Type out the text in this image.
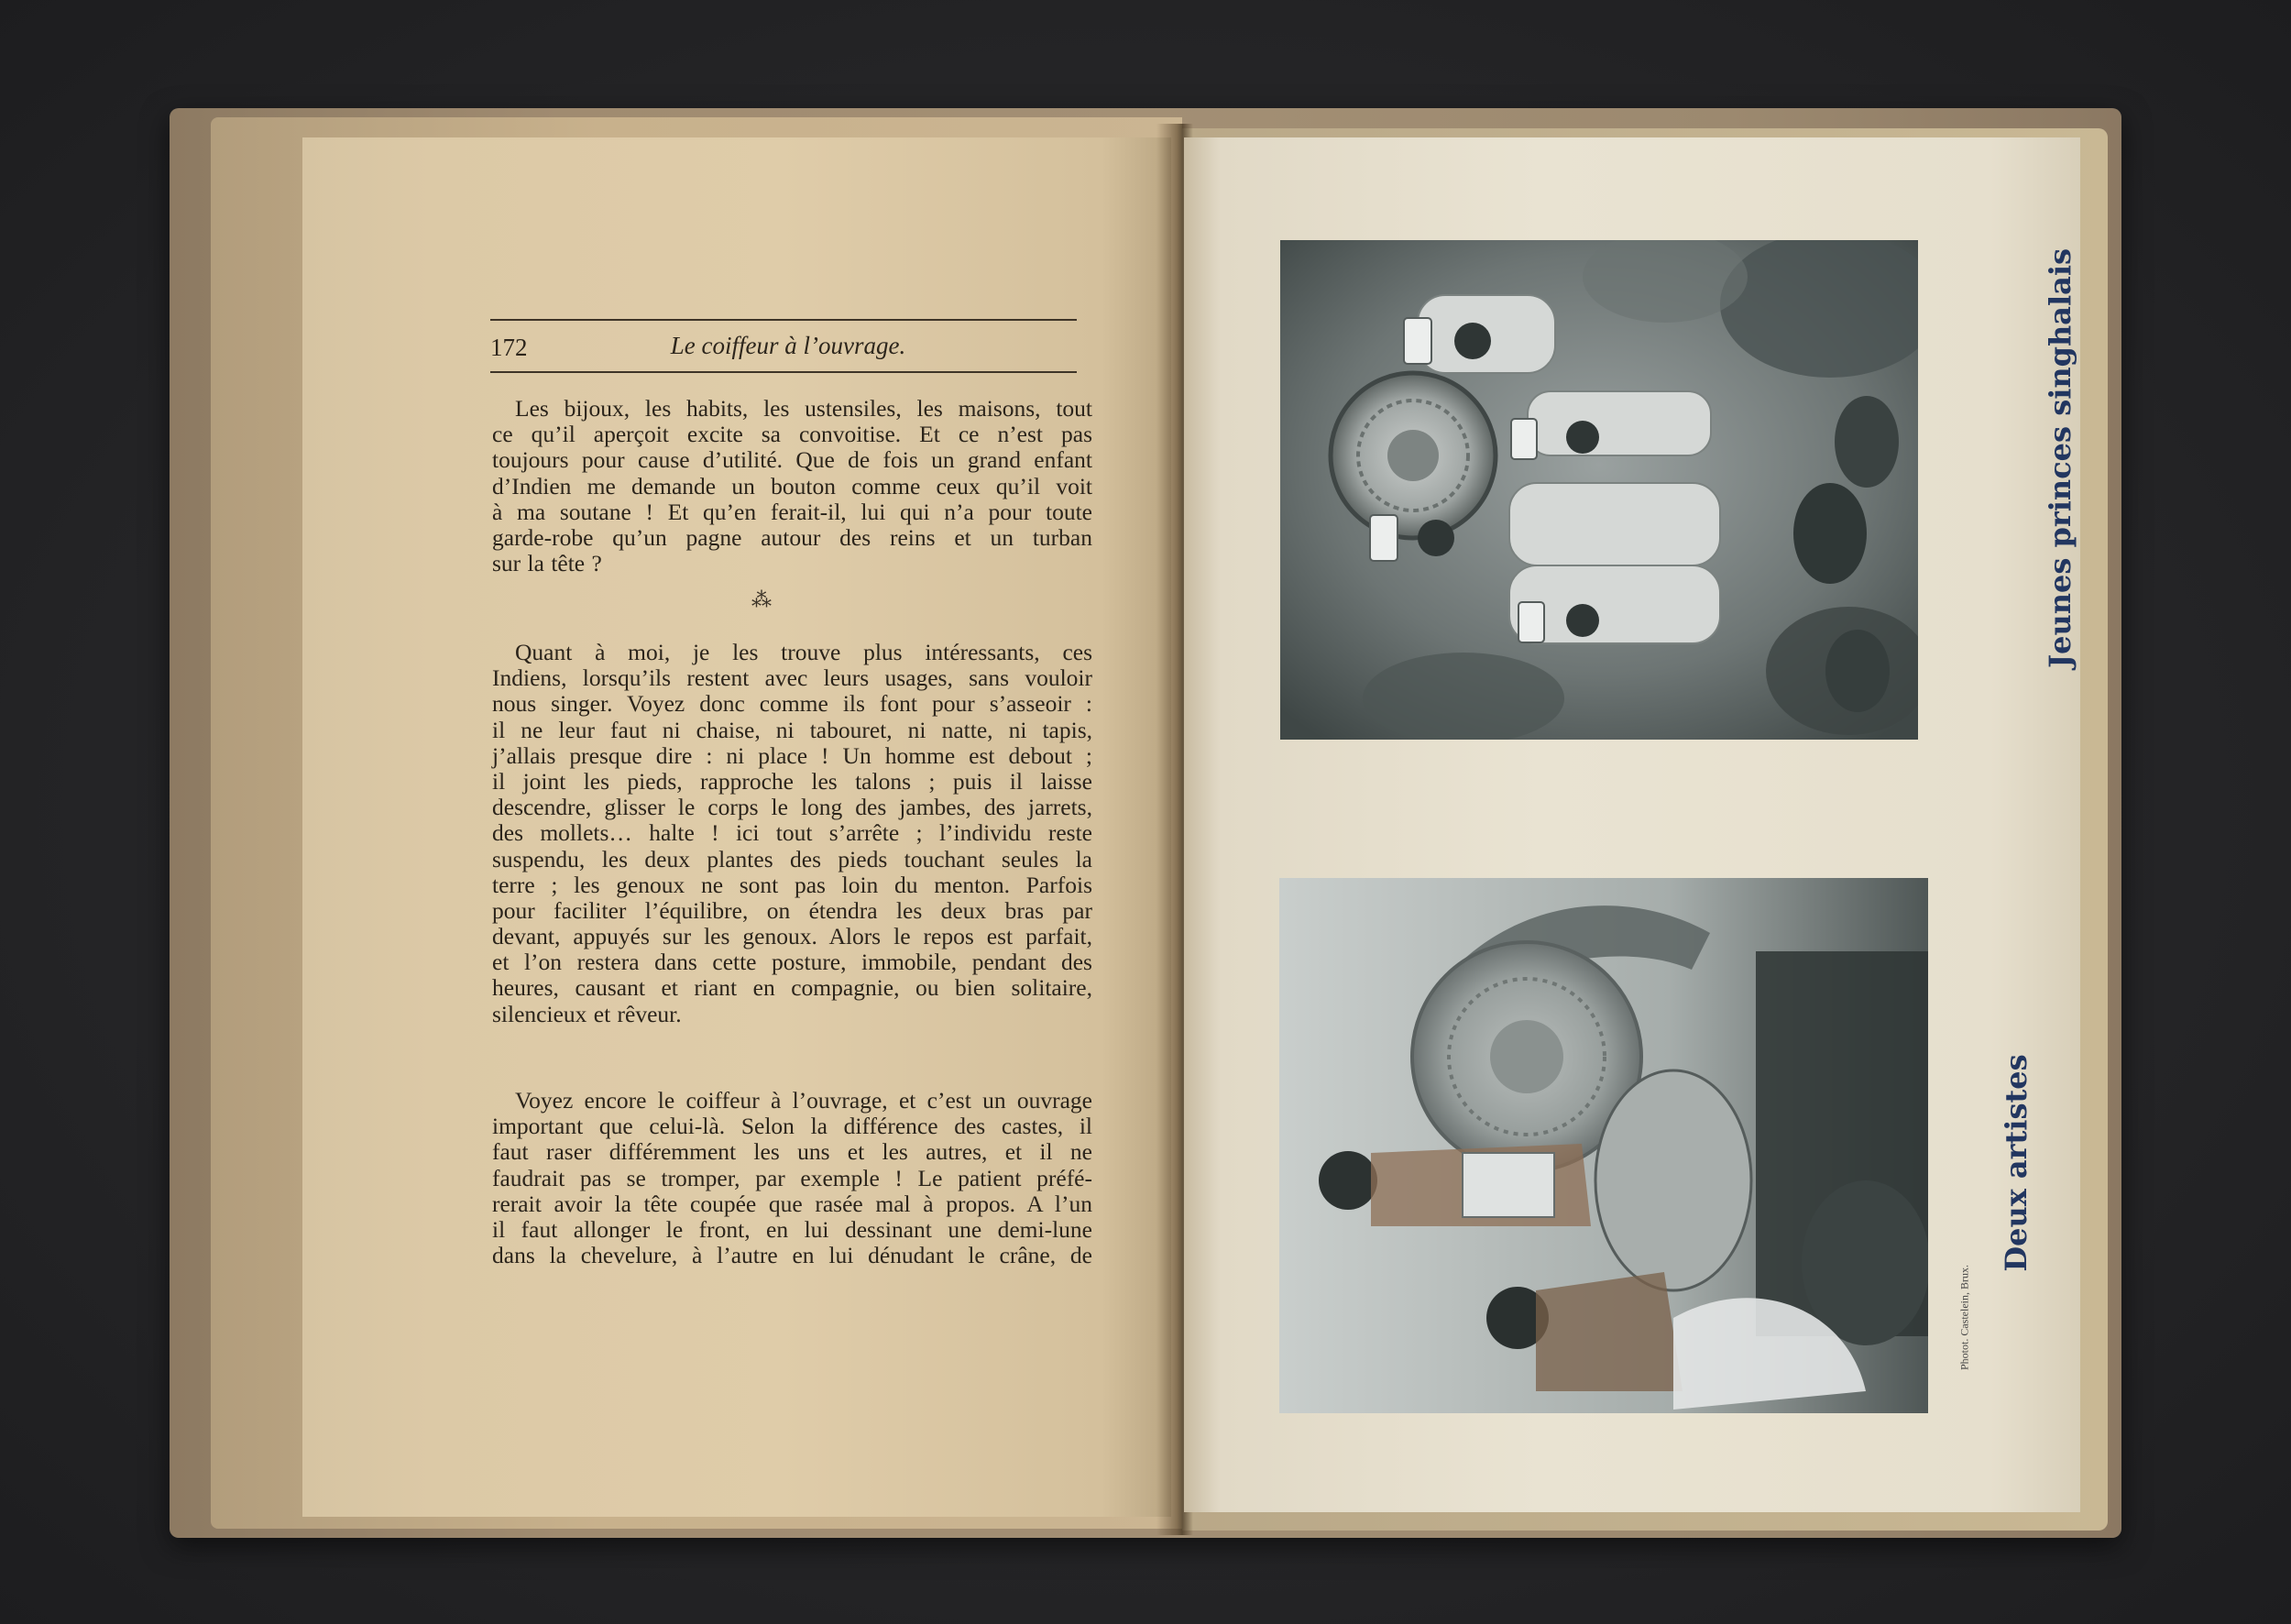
172	Le coiffeur à l’ouvrage.
Les bijoux, les habits, les ustensiles, les maisons, tout
ce qu’il aperçoit excite sa convoitise. Et ce n’est pas
toujours pour cause d’utilité. Que de fois un grand enfant
d’Indien me demande un bouton comme ceux qu’il voit
à ma soutane ! Et qu’en ferait-il, lui qui n’a pour toute
garde-robe qu’un pagne autour des reins et un turban
sur la tête ?
⁂
Quant à moi, je les trouve plus intéressants, ces
Indiens, lorsqu’ils restent avec leurs usages, sans vouloir
nous singer. Voyez donc comme ils font pour s’asseoir :
il ne leur faut ni chaise, ni tabouret, ni natte, ni tapis,
j’allais presque dire : ni place ! Un homme est debout ;
il joint les pieds, rapproche les talons ; puis il laisse
descendre, glisser le corps le long des jambes, des jarrets,
des mollets… halte ! ici tout s’arrête ; l’individu reste
suspendu, les deux plantes des pieds touchant seules la
terre ; les genoux ne sont pas loin du menton. Parfois
pour faciliter l’équilibre, on étendra les deux bras par
devant, appuyés sur les genoux. Alors le repos est parfait,
et l’on restera dans cette posture, immobile, pendant des
heures, causant et riant en compagnie, ou bien solitaire,
silencieux et rêveur.
Voyez encore le coiffeur à l’ouvrage, et c’est un ouvrage
important que celui-là. Selon la différence des castes, il
faut raser différemment les uns et les autres, et il ne
faudrait pas se tromper, par exemple ! Le patient préfé-
rerait avoir la tête coupée que rasée mal à propos. A l’un
il faut allonger le front, en lui dessinant une demi-lune
dans la chevelure, à l’autre en lui dénudant le crâne, de
Jeunes princes singhalais
Deux artistes
Photot. Castelein, Brux.
